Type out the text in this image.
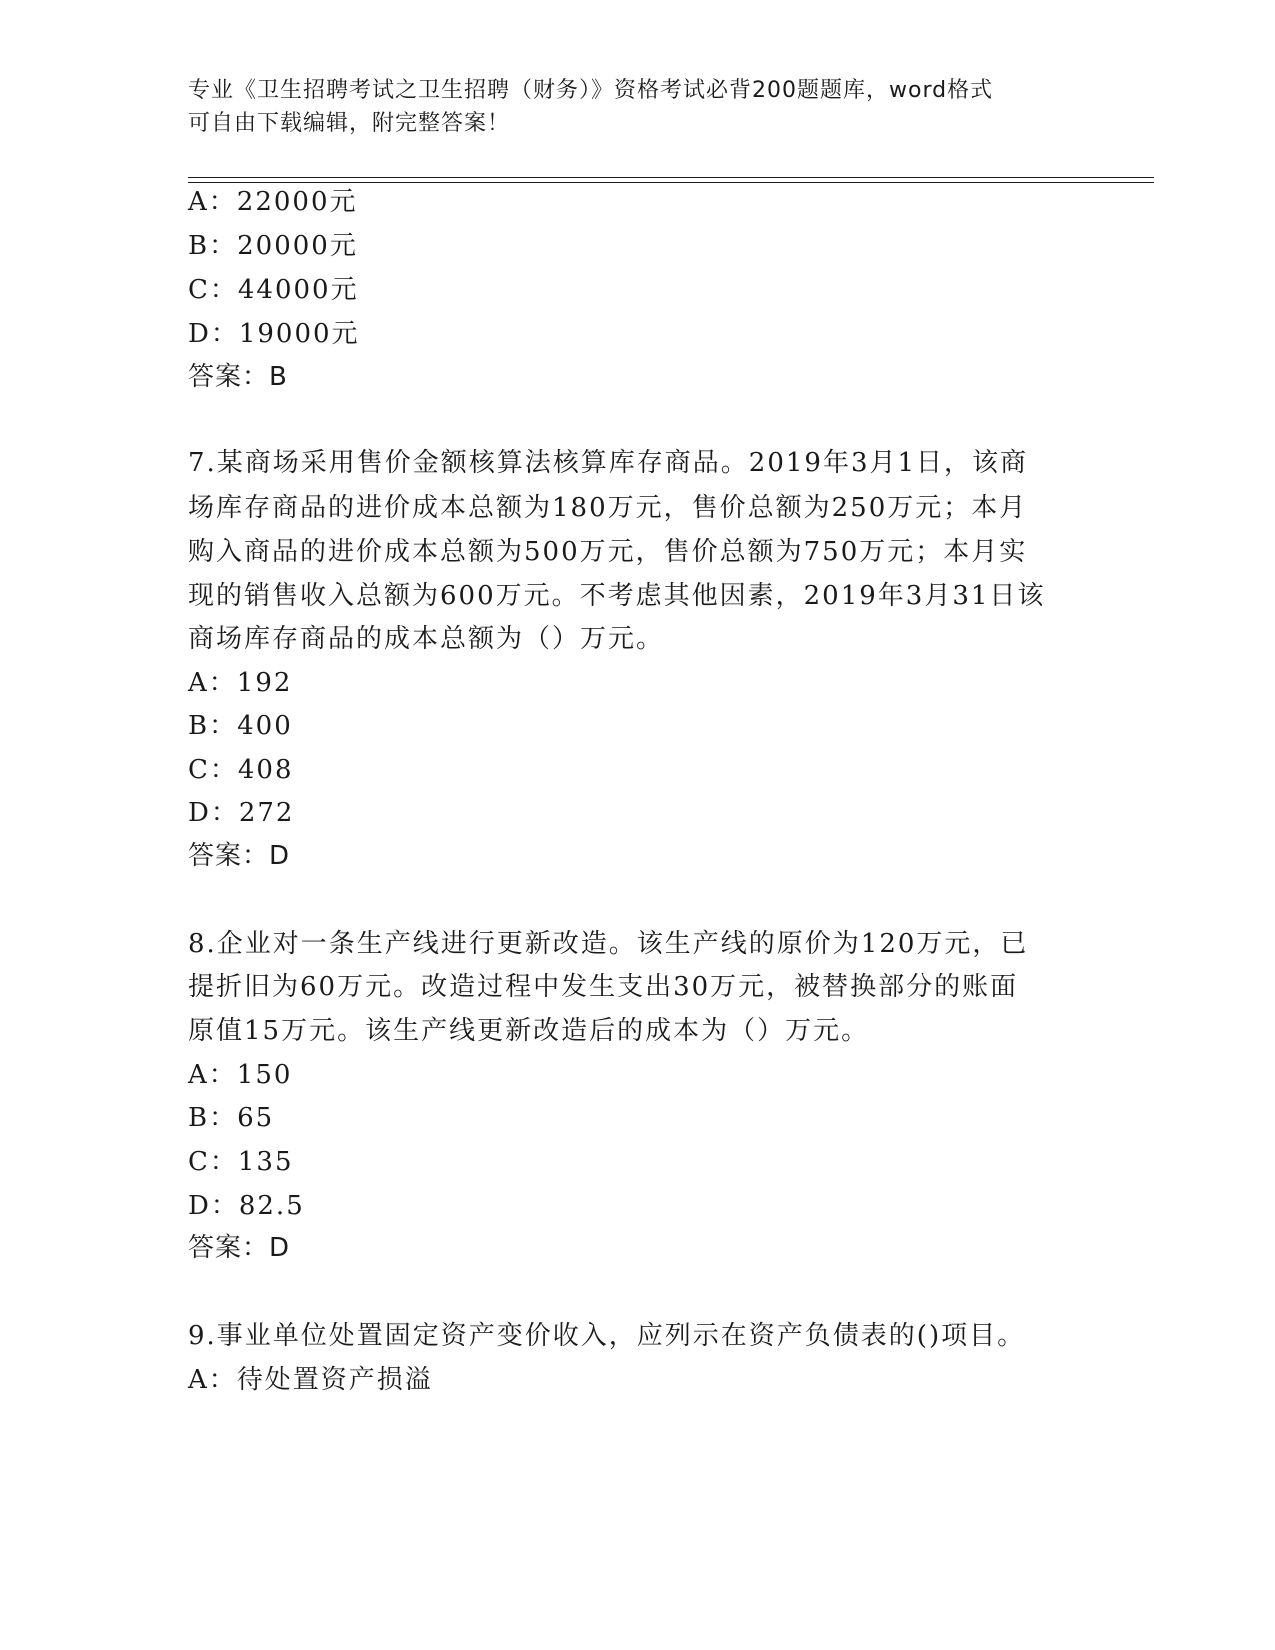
专业《卫生招聘考试之卫生招聘（财务）》资格考试必背200题题库，word格式
可自由下载编辑，附完整答案！
A：22000元
B：20000元
C：44000元
D：19000元
答案：B
7.某商场采用售价金额核算法核算库存商品。2019年3月1日，该商
场库存商品的进价成本总额为180万元，售价总额为250万元；本月
购入商品的进价成本总额为500万元，售价总额为750万元；本月实
现的销售收入总额为600万元。不考虑其他因素，2019年3月31日该
商场库存商品的成本总额为（）万元。
A：192
B：400
C：408
D：272
答案：D
8.企业对一条生产线进行更新改造。该生产线的原价为120万元，已
提折旧为60万元。改造过程中发生支出30万元，被替换部分的账面
原值15万元。该生产线更新改造后的成本为（）万元。
A：150
B：65
C：135
D：82.5
答案：D
9.事业单位处置固定资产变价收入，应列示在资产负债表的()项目。
A：待处置资产损溢
